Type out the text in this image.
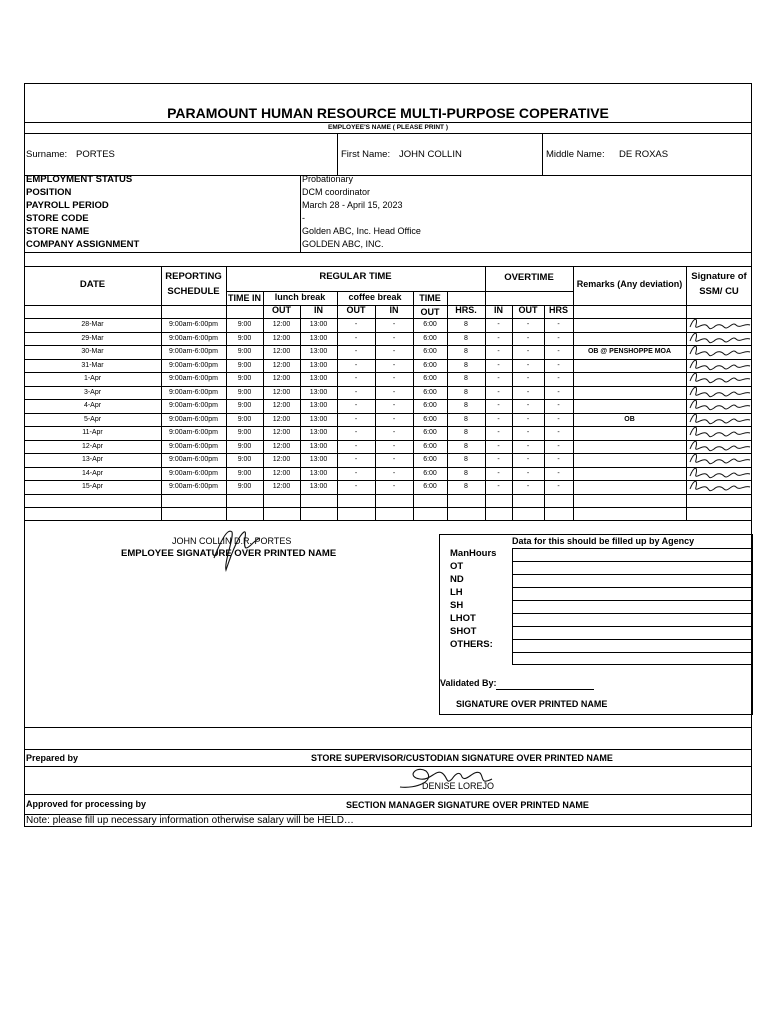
PARAMOUNT HUMAN RESOURCE MULTI-PURPOSE COPERATIVE
EMPLOYEE'S NAME ( PLEASE PRINT )
Surname: PORTES	First Name: JOHN COLLIN	Middle Name: DE ROXAS
EMPLOYMENT STATUS	Probationary
POSITION	DCM coordinator
PAYROLL PERIOD	March 28 - April 15, 2023
STORE CODE	-
STORE NAME	Golden ABC, Inc. Head Office
COMPANY ASSIGNMENT	GOLDEN ABC, INC.
DATE
REPORTING
SCHEDULE
REGULAR TIME	OVERTIME
Remarks (Any deviation)
Signature of
SSM/ CU
TIME IN	lunch break	coffee break	TIME
OUT
OUT	IN	OUT	IN	HRS.	IN	OUT	HRS
28-Mar	9:00am-6:00pm	9:00	12:00	13:00	-	-	6:00	8	-	-	-
29-Mar	9:00am-6:00pm	9:00	12:00	13:00	-	-	6:00	8	-	-	-
30-Mar	9:00am-6:00pm	9:00	12:00	13:00	-	-	6:00	8	-	-	-	OB @ PENSHOPPE MOA
31-Mar	9:00am-6:00pm	9:00	12:00	13:00	-	-	6:00	8	-	-	-
1-Apr	9:00am-6:00pm	9:00	12:00	13:00	-	-	6:00	8	-	-	-
3-Apr	9:00am-6:00pm	9:00	12:00	13:00	-	-	6:00	8	-	-	-
4-Apr	9:00am-6:00pm	9:00	12:00	13:00	-	-	6:00	8	-	-	-
5-Apr	9:00am-6:00pm	9:00	12:00	13:00	-	-	6:00	8	-	-	-	OB
11-Apr	9:00am-6:00pm	9:00	12:00	13:00	-	-	6:00	8	-	-	-
12-Apr	9:00am-6:00pm	9:00	12:00	13:00	-	-	6:00	8	-	-	-
13-Apr	9:00am-6:00pm	9:00	12:00	13:00	-	-	6:00	8	-	-	-
14-Apr	9:00am-6:00pm	9:00	12:00	13:00	-	-	6:00	8	-	-	-
15-Apr	9:00am-6:00pm	9:00	12:00	13:00	-	-	6:00	8	-	-	-
JOHN COLLIN D.R. PORTES
EMPLOYEE SIGNATURE OVER PRINTED NAME
Data for this should be filled up by Agency
ManHours
OT
ND
LH
SH
LHOT
SHOT
OTHERS:
Validated By:
SIGNATURE OVER PRINTED NAME
Prepared by	STORE SUPERVISOR/CUSTODIAN SIGNATURE OVER PRINTED NAME
DENISE LOREJO
Approved for processing by	SECTION MANAGER SIGNATURE OVER PRINTED NAME
Note: please fill up necessary information otherwise salary will be HELD…
